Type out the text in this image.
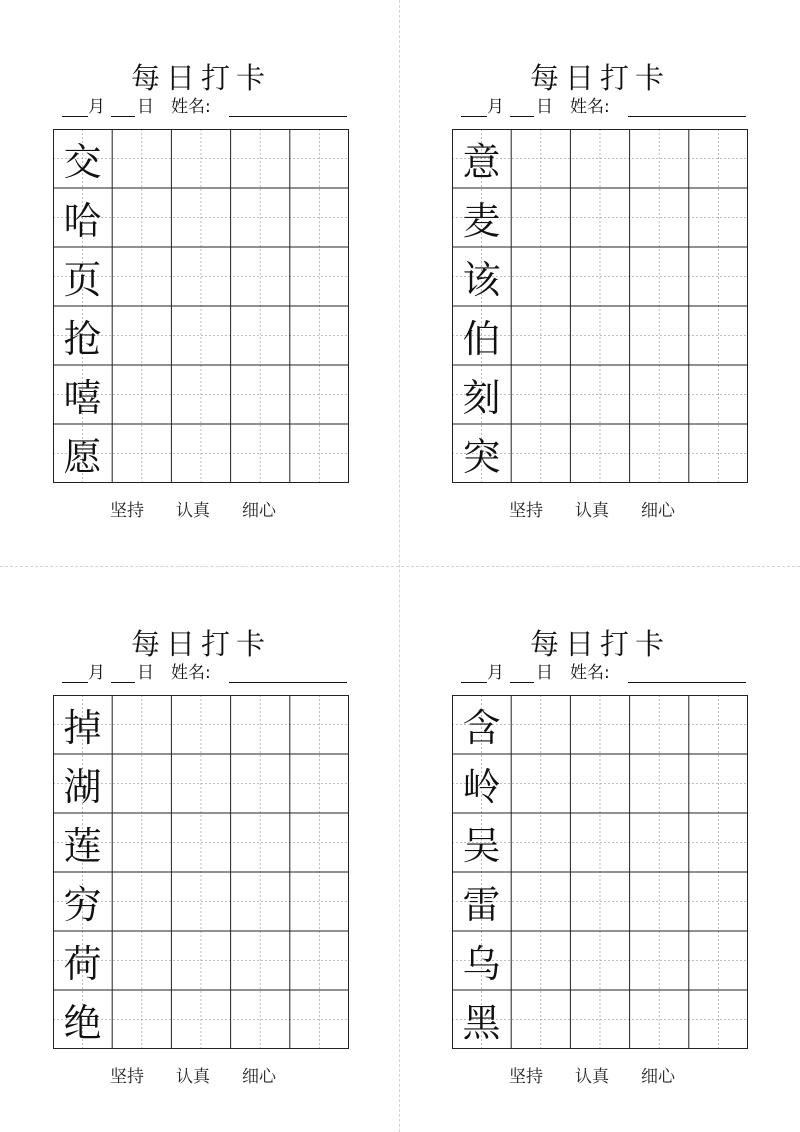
每日打卡
月 日 姓名:
交
哈
页
抢
嘻
愿
坚持 认真 细心
每日打卡
月 日 姓名:
意
麦
该
伯
刻
突
坚持 认真 细心
每日打卡
月 日 姓名:
掉
湖
莲
穷
荷
绝
坚持 认真 细心
每日打卡
月 日 姓名:
含
岭
吴
雷
乌
黑
坚持 认真 细心
